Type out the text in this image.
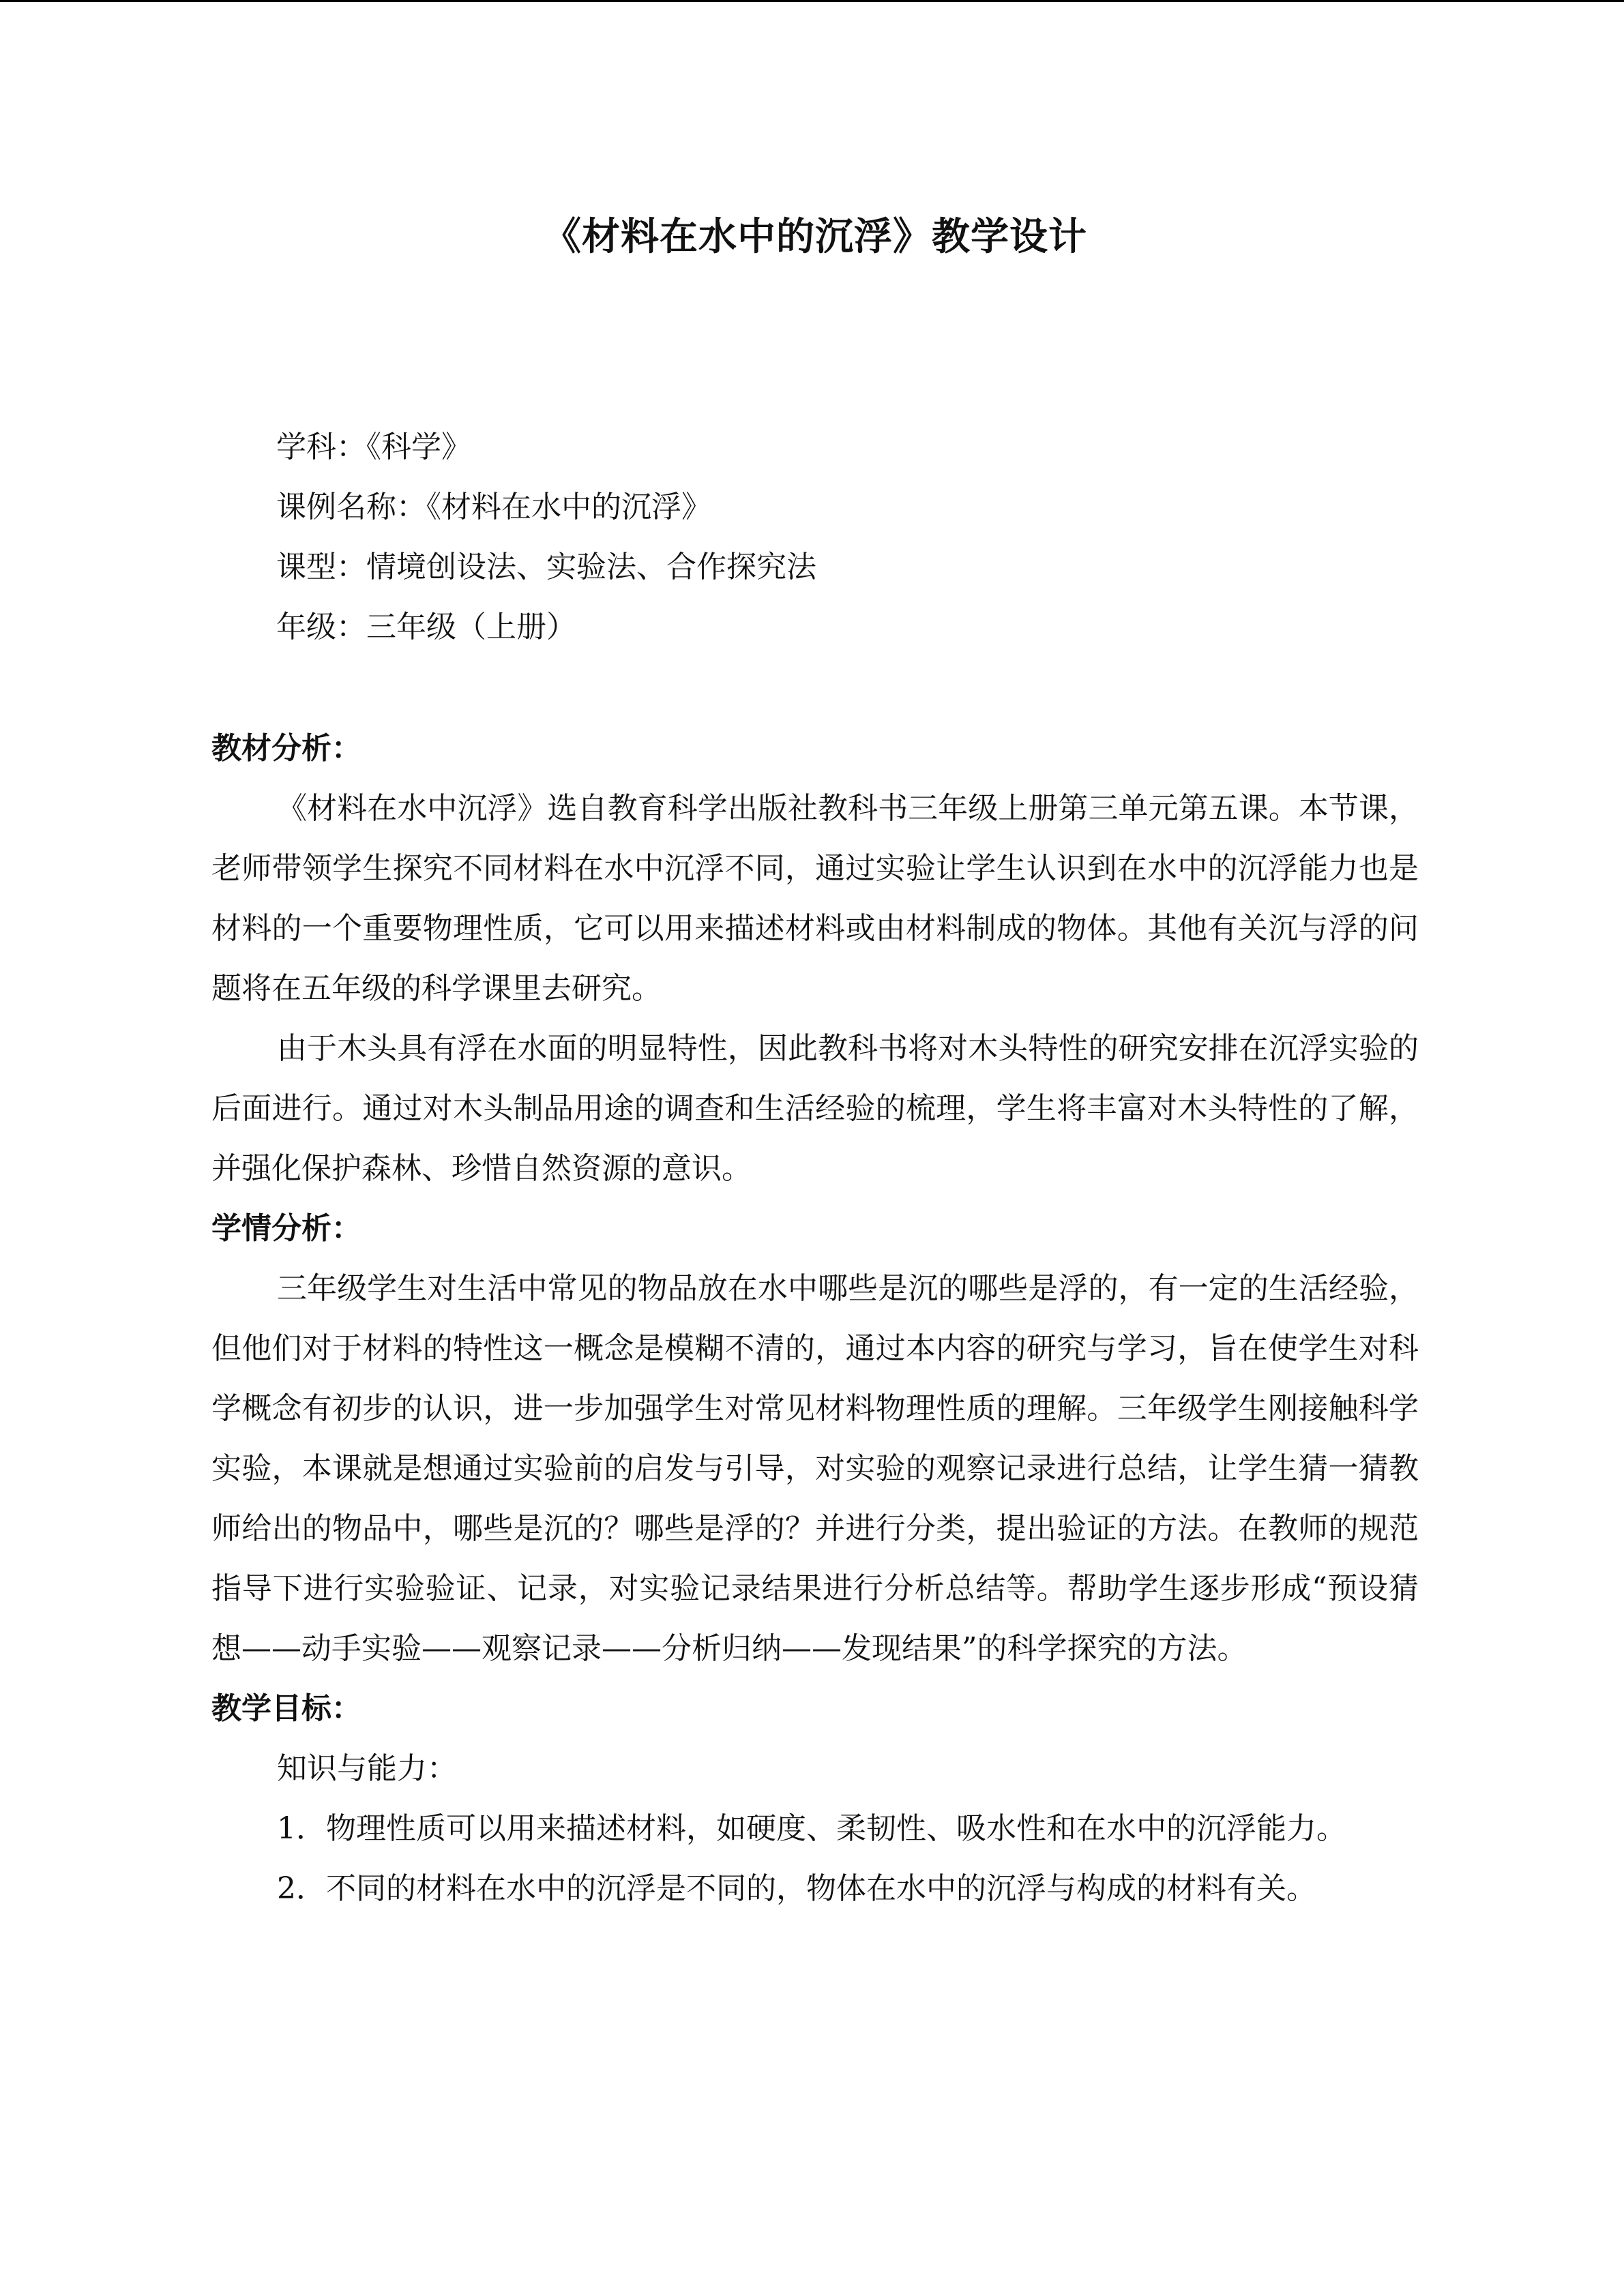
《材料在水中的沉浮》教学设计
学科：《科学》
课例名称：《材料在水中的沉浮》
课型：情境创设法、实验法、合作探究法
年级：三年级（上册）
教材分析：

《材料在水中沉浮》选自教育科学出版社教科书三年级上册第三单元第五课。本节课，老师带领学生探究不同材料在水中沉浮不同，通过实验让学生认识到在水中的沉浮能力也是材料的一个重要物理性质，它可以用来描述材料或由材料制成的物体。其他有关沉与浮的问题将在五年级的科学课里去研究。

由于木头具有浮在水面的明显特性，因此教科书将对木头特性的研究安排在沉浮实验的后面进行。通过对木头制品用途的调查和生活经验的梳理，学生将丰富对木头特性的了解，并强化保护森林、珍惜自然资源的意识。

学情分析：

三年级学生对生活中常见的物品放在水中哪些是沉的哪些是浮的，有一定的生活经验，但他们对于材料的特性这一概念是模糊不清的，通过本内容的研究与学习，旨在使学生对科学概念有初步的认识，进一步加强学生对常见材料物理性质的理解。三年级学生刚接触科学实验，本课就是想通过实验前的启发与引导，对实验的观察记录进行总结，让学生猜一猜教师给出的物品中，哪些是沉的？哪些是浮的？并进行分类，提出验证的方法。在教师的规范指导下进行实验验证、记录，对实验记录结果进行分析总结等。帮助学生逐步形成“预设猜想——动手实验——观察记录——分析归纳——发现结果”的科学探究的方法。

教学目标：
知识与能力：

1．物理性质可以用来描述材料，如硬度、柔韧性、吸水性和在水中的沉浮能力。

2．不同的材料在水中的沉浮是不同的，物体在水中的沉浮与构成的材料有关。
